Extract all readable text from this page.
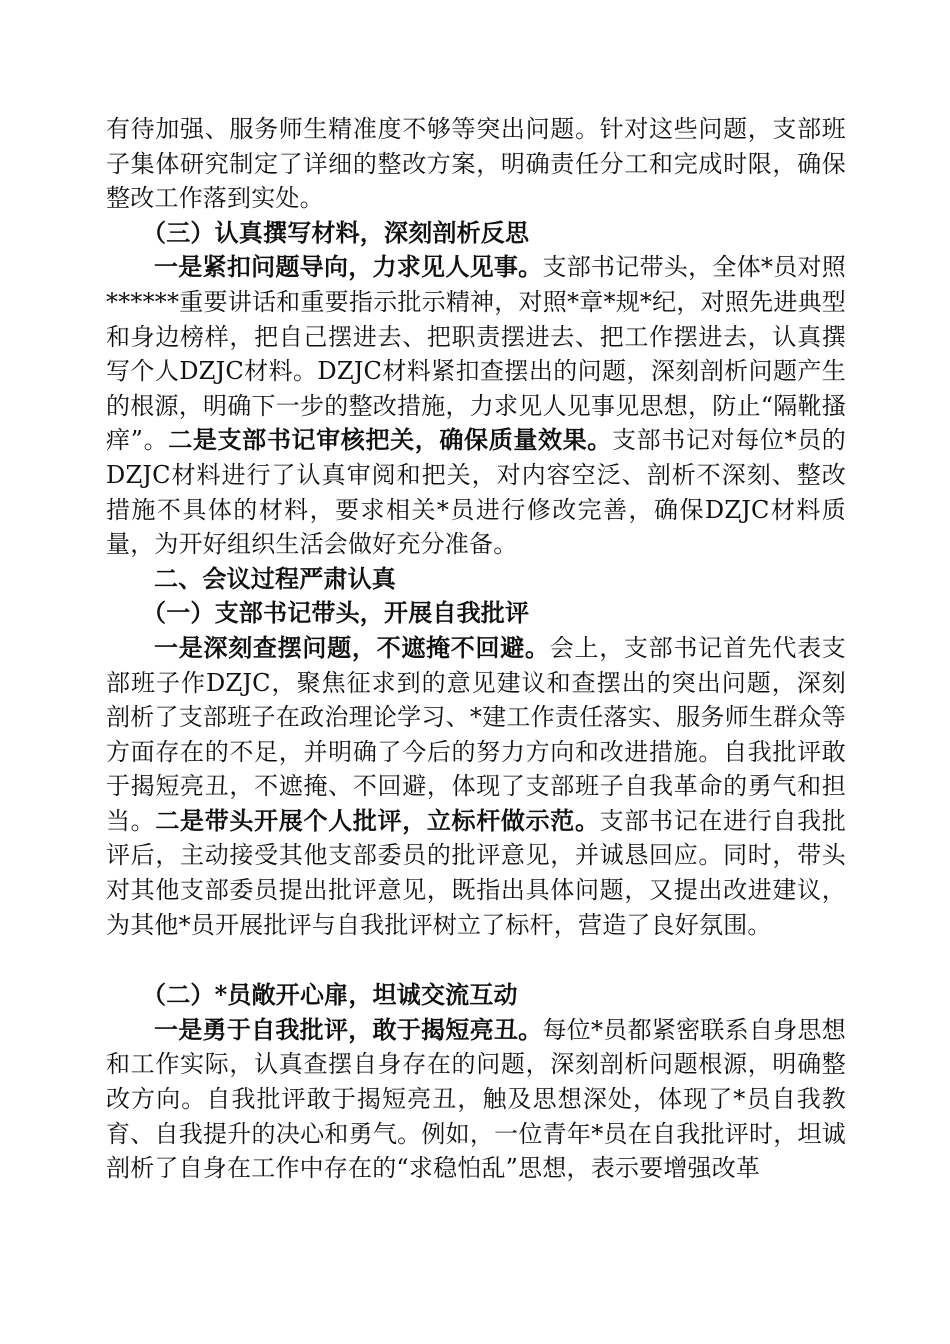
有待加强、服务师生精准度不够等突出问题。针对这些问题，支部班子集体研究制定了详细的整改方案，明确责任分工和完成时限，确保整改工作落到实处。

（三）认真撰写材料，深刻剖析反思

一是紧扣问题导向，力求见人见事。支部书记带头，全体*员对照******重要讲话和重要指示批示精神，对照*章*规*纪，对照先进典型和身边榜样，把自己摆进去、把职责摆进去、把工作摆进去，认真撰写个人DZJC材料。DZJC材料紧扣查摆出的问题，深刻剖析问题产生的根源，明确下一步的整改措施，力求见人见事见思想，防止“隔靴搔痒”。二是支部书记审核把关，确保质量效果。支部书记对每位*员的DZJC材料进行了认真审阅和把关，对内容空泛、剖析不深刻、整改措施不具体的材料，要求相关*员进行修改完善，确保DZJC材料质量，为开好组织生活会做好充分准备。

二、会议过程严肃认真

（一）支部书记带头，开展自我批评

一是深刻查摆问题，不遮掩不回避。会上，支部书记首先代表支部班子作DZJC，聚焦征求到的意见建议和查摆出的突出问题，深刻剖析了支部班子在政治理论学习、*建工作责任落实、服务师生群众等方面存在的不足，并明确了今后的努力方向和改进措施。自我批评敢于揭短亮丑，不遮掩、不回避，体现了支部班子自我革命的勇气和担当。二是带头开展个人批评，立标杆做示范。支部书记在进行自我批评后，主动接受其他支部委员的批评意见，并诚恳回应。同时，带头对其他支部委员提出批评意见，既指出具体问题，又提出改进建议，为其他*员开展批评与自我批评树立了标杆，营造了良好氛围。

（二）*员敞开心扉，坦诚交流互动

一是勇于自我批评，敢于揭短亮丑。每位*员都紧密联系自身思想和工作实际，认真查摆自身存在的问题，深刻剖析问题根源，明确整改方向。自我批评敢于揭短亮丑，触及思想深处，体现了*员自我教育、自我提升的决心和勇气。例如，一位青年*员在自我批评时，坦诚剖析了自身在工作中存在的“求稳怕乱”思想，表示要增强改革
